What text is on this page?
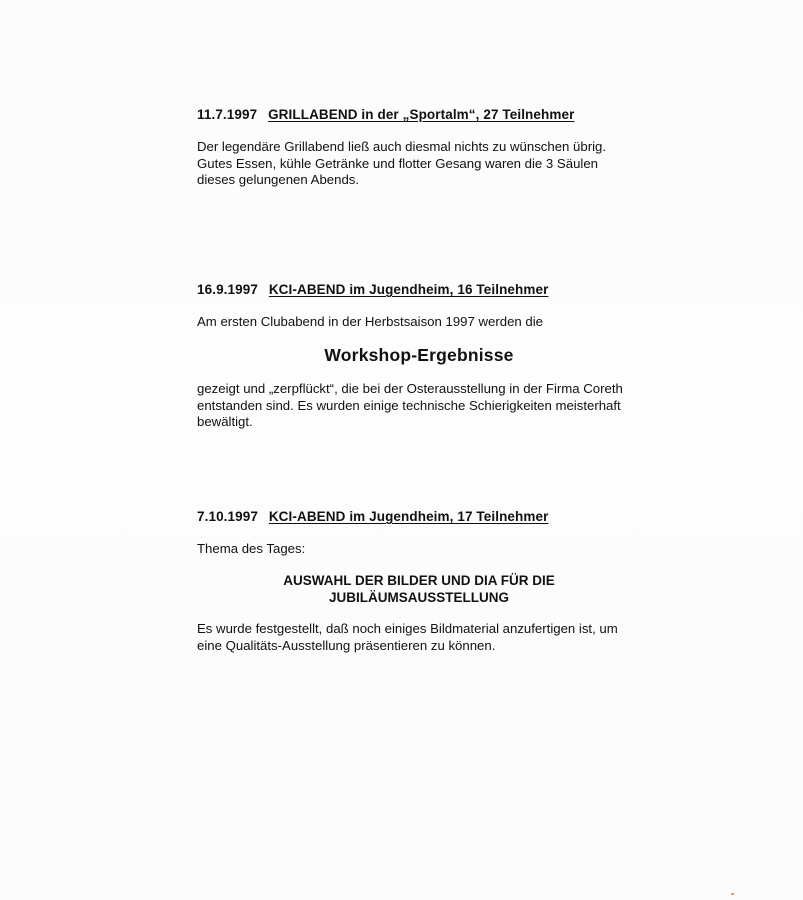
11.7.1997 GRILLABEND in der „Sportalm“, 27 Teilnehmer
Der legendäre Grillabend ließ auch diesmal nichts zu wünschen übrig.
Gutes Essen, kühle Getränke und flotter Gesang waren die 3 Säulen
dieses gelungenen Abends.
16.9.1997 KCI-ABEND im Jugendheim, 16 Teilnehmer
Am ersten Clubabend in der Herbstsaison 1997 werden die
Workshop-Ergebnisse
gezeigt und „zerpflückt“, die bei der Osterausstellung in der Firma Coreth
entstanden sind. Es wurden einige technische Schierigkeiten meisterhaft
bewältigt.
7.10.1997 KCI-ABEND im Jugendheim, 17 Teilnehmer
Thema des Tages:
AUSWAHL DER BILDER UND DIA FÜR DIE
JUBILÄUMSAUSSTELLUNG
Es wurde festgestellt, daß noch einiges Bildmaterial anzufertigen ist, um
eine Qualitäts-Ausstellung präsentieren zu können.
